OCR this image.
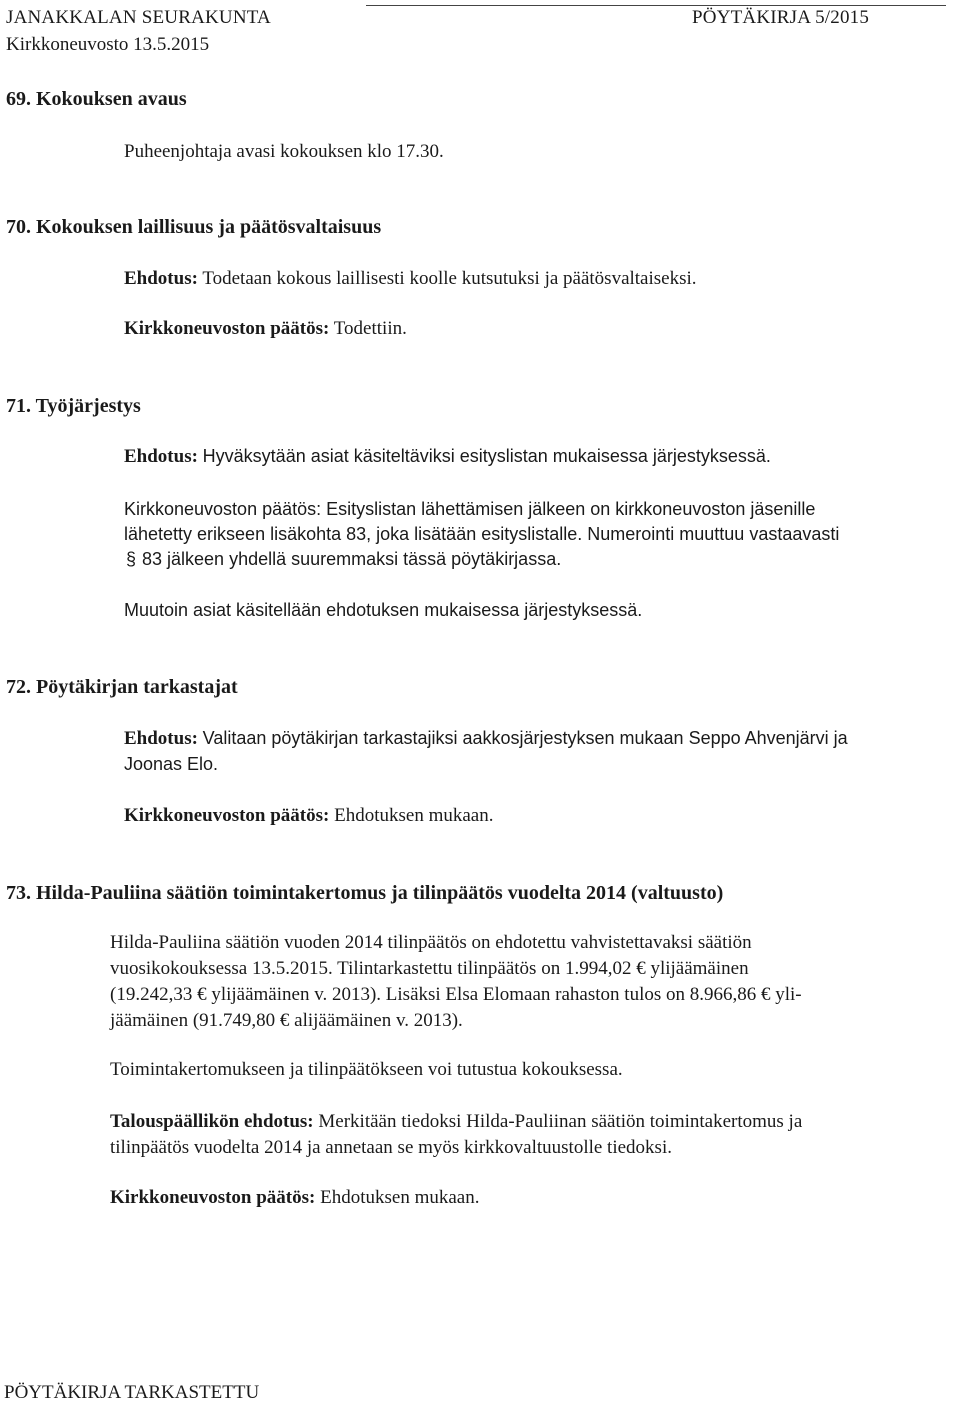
JANAKKALAN SEURAKUNTA	PÖYTÄKIRJA 5/2015
Kirkkoneuvosto 13.5.2015
69. Kokouksen avaus
Puheenjohtaja avasi kokouksen klo 17.30.
70. Kokouksen laillisuus ja päätösvaltaisuus
Ehdotus: Todetaan kokous laillisesti koolle kutsutuksi ja päätösvaltaiseksi.
Kirkkoneuvoston päätös: Todettiin.
71. Työjärjestys
Ehdotus: Hyväksytään asiat käsiteltäviksi esityslistan mukaisessa järjestyksessä.
Kirkkoneuvoston päätös: Esityslistan lähettämisen jälkeen on kirkkoneuvoston jäsenille
lähetetty erikseen lisäkohta 83, joka lisätään esityslistalle. Numerointi muuttuu vastaavasti
§ 83 jälkeen yhdellä suuremmaksi tässä pöytäkirjassa.
Muutoin asiat käsitellään ehdotuksen mukaisessa järjestyksessä.
72. Pöytäkirjan tarkastajat
Ehdotus: Valitaan pöytäkirjan tarkastajiksi aakkosjärjestyksen mukaan Seppo Ahvenjärvi ja
Joonas Elo.
Kirkkoneuvoston päätös: Ehdotuksen mukaan.
73. Hilda-Pauliina säätiön toimintakertomus ja tilinpäätös vuodelta 2014 (valtuusto)
Hilda-Pauliina säätiön vuoden 2014 tilinpäätös on ehdotettu vahvistettavaksi säätiön
vuosikokouksessa 13.5.2015. Tilintarkastettu tilinpäätös on 1.994,02 € ylijäämäinen
(19.242,33 € ylijäämäinen v. 2013). Lisäksi Elsa Elomaan rahaston tulos on 8.966,86 € yli-
jäämäinen (91.749,80 € alijäämäinen v. 2013).
Toimintakertomukseen ja tilinpäätökseen voi tutustua kokouksessa.
Talouspäällikön ehdotus: Merkitään tiedoksi Hilda-Pauliinan säätiön toimintakertomus ja
tilinpäätös vuodelta 2014 ja annetaan se myös kirkkovaltuustolle tiedoksi.
Kirkkoneuvoston päätös: Ehdotuksen mukaan.
PÖYTÄKIRJA TARKASTETTU
